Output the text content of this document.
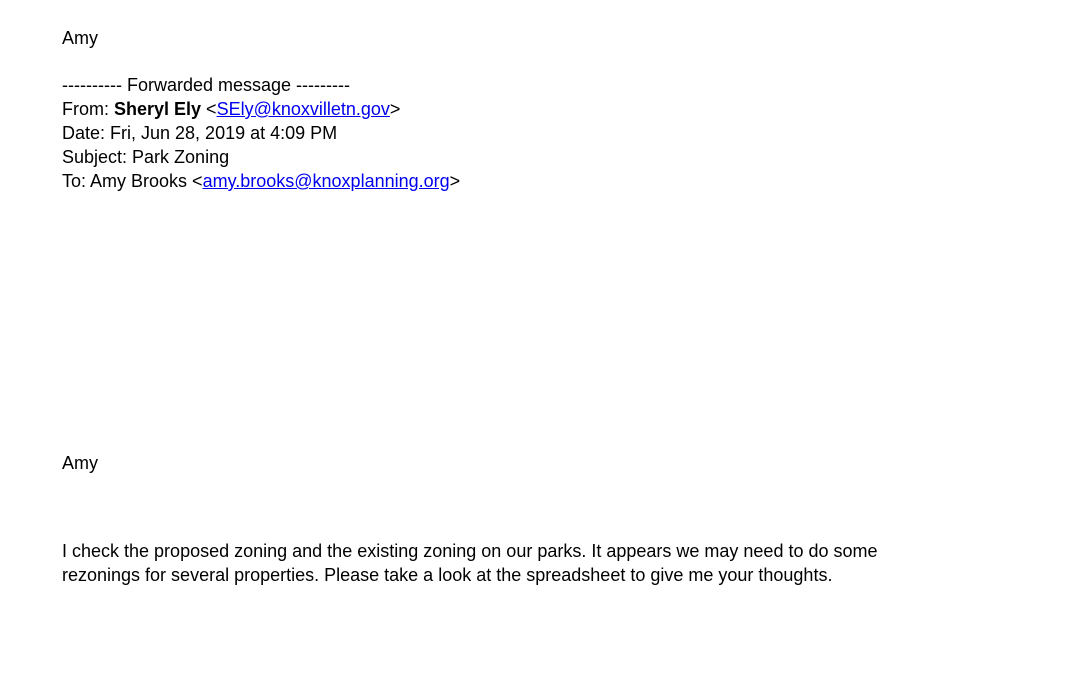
Amy
---------- Forwarded message ---------
From: Sheryl Ely <SEly@knoxvilletn.gov>
Date: Fri, Jun 28, 2019 at 4:09 PM
Subject: Park Zoning
To: Amy Brooks <amy.brooks@knoxplanning.org>
Amy
I check the proposed zoning and the existing zoning on our parks. It appears we may need to do some
rezonings for several properties. Please take a look at the spreadsheet to give me your thoughts.
